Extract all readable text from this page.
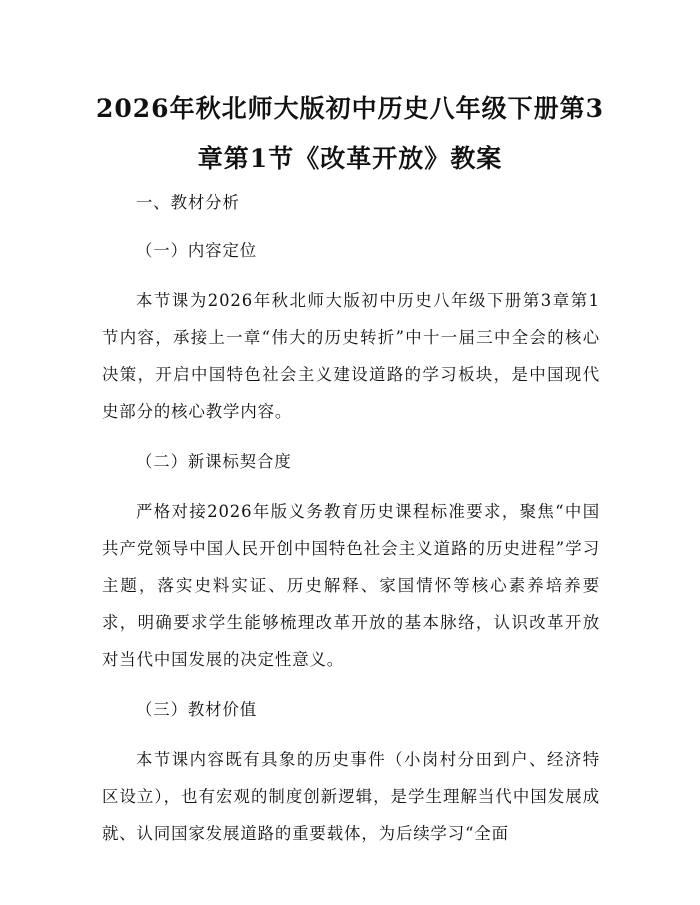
2026年秋北师大版初中历史八年级下册第3章第1节《改革开放》教案

一、教材分析

（一）内容定位

本节课为2026年秋北师大版初中历史八年级下册第3章第1节内容，承接上一章“伟大的历史转折”中十一届三中全会的核心决策，开启中国特色社会主义建设道路的学习板块，是中国现代史部分的核心教学内容。

（二）新课标契合度

严格对接2026年版义务教育历史课程标准要求，聚焦“中国共产党领导中国人民开创中国特色社会主义道路的历史进程”学习主题，落实史料实证、历史解释、家国情怀等核心素养培养要求，明确要求学生能够梳理改革开放的基本脉络，认识改革开放对当代中国发展的决定性意义。

（三）教材价值

本节课内容既有具象的历史事件（小岗村分田到户、经济特区设立），也有宏观的制度创新逻辑，是学生理解当代中国发展成就、认同国家发展道路的重要载体，为后续学习“全面
